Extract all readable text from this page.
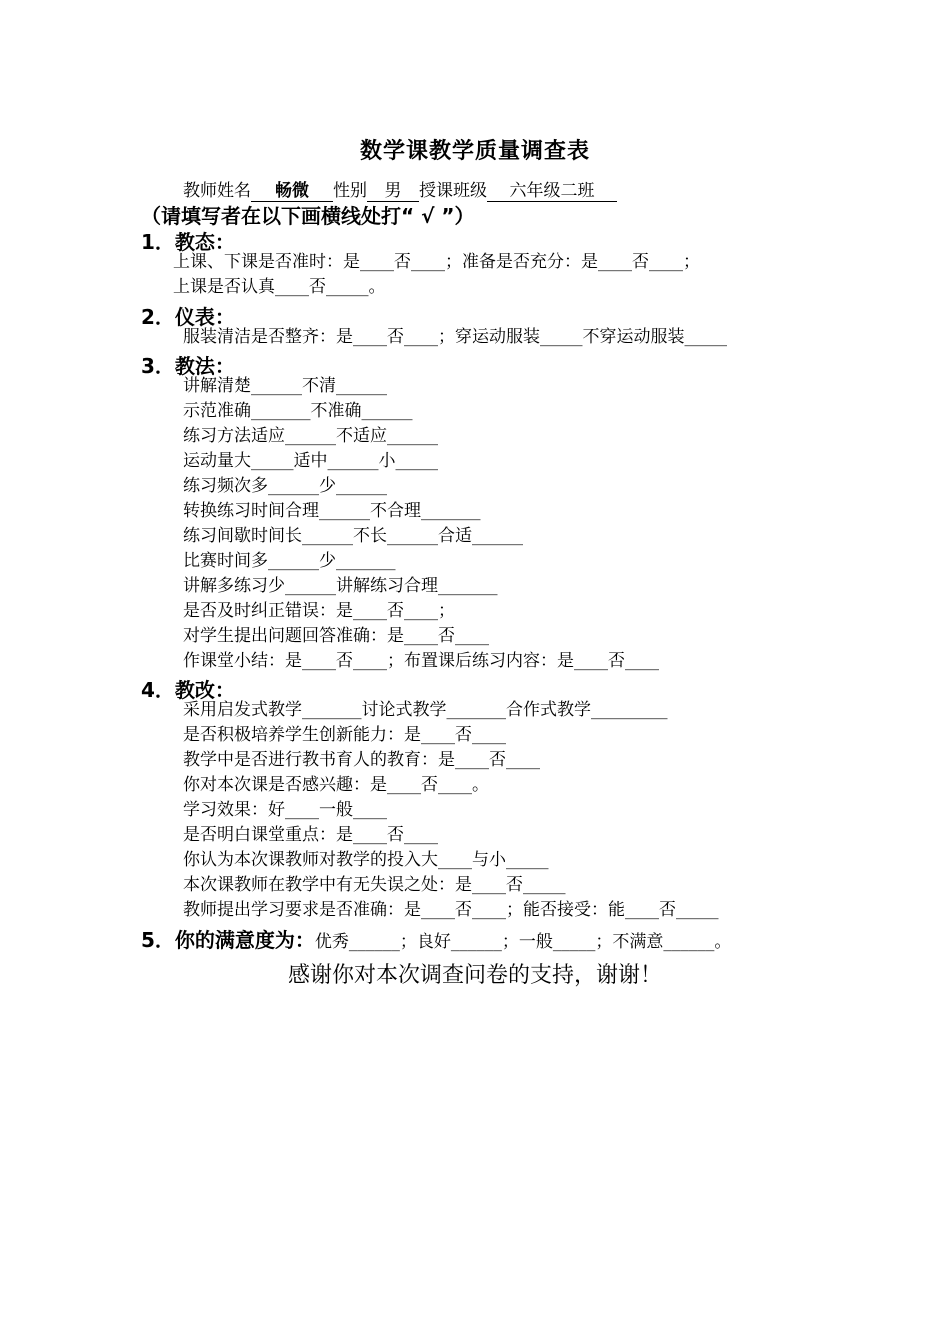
数学课教学质量调查表
教师姓名 畅微 性别 男 授课班级 六年级二班
（请填写者在以下画横线处打“ √ ”）
1．教态：
上课、下课是否准时：是____否____；准备是否充分：是____否____；
上课是否认真____否_____。
2．仪表：
服装清洁是否整齐：是____否____；穿运动服装_____不穿运动服装_____
3．教法：
讲解清楚______不清______
示范准确_______不准确______
练习方法适应______不适应______
运动量大_____适中______小_____
练习频次多______少______
转换练习时间合理______不合理_______
练习间歇时间长______不长______合适______
比赛时间多______少_______
讲解多练习少______讲解练习合理_______
是否及时纠正错误：是____否____；
对学生提出问题回答准确：是____否____
作课堂小结：是____否____；布置课后练习内容：是____否____
4．教改：
采用启发式教学_______讨论式教学_______合作式教学_________
是否积极培养学生创新能力：是____否____
教学中是否进行教书育人的教育：是____否____
你对本次课是否感兴趣：是____否____。
学习效果：好____一般____
是否明白课堂重点：是____否____
你认为本次课教师对教学的投入大____与小_____
本次课教师在教学中有无失误之处：是____否_____
教师提出学习要求是否准确：是____否____；能否接受：能____否_____
5．你的满意度为：优秀______；良好______；一般_____；不满意______。
感谢你对本次调查问卷的支持，谢谢！
